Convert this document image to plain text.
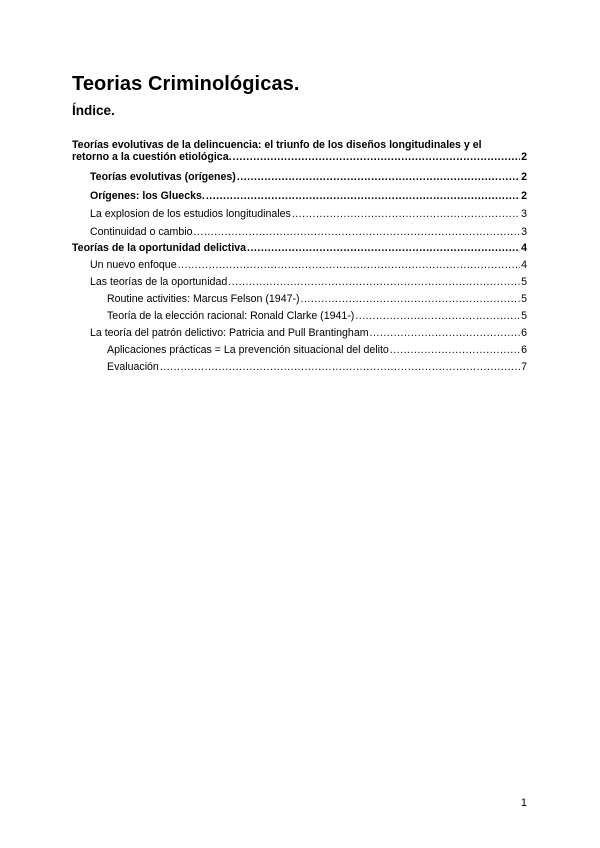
Teorias Criminológicas.
Índice.
Teorías evolutivas de la delincuencia: el triunfo de los diseños longitudinales y el
retorno a la cuestión etiológica. .....	2
Teorías evolutivas (orígenes) .....	2
Orígenes: los Gluecks. .....	2
La explosion de los estudios longitudinales .....	3
Continuidad o cambio .....	3
Teorías de la oportunidad delictiva .....	4
Un nuevo enfoque .....	4
Las teorías de la oportunidad .....	5
Routine activities: Marcus Felson (1947-) .....	5
Teoría de la elección racional: Ronald Clarke (1941-) .....	5
La teoría del patrón delictivo: Patricia and Pull Brantingham .....	6
Aplicaciones prácticas = La prevención situacional del delito .....	6
Evaluación .....	7
1
